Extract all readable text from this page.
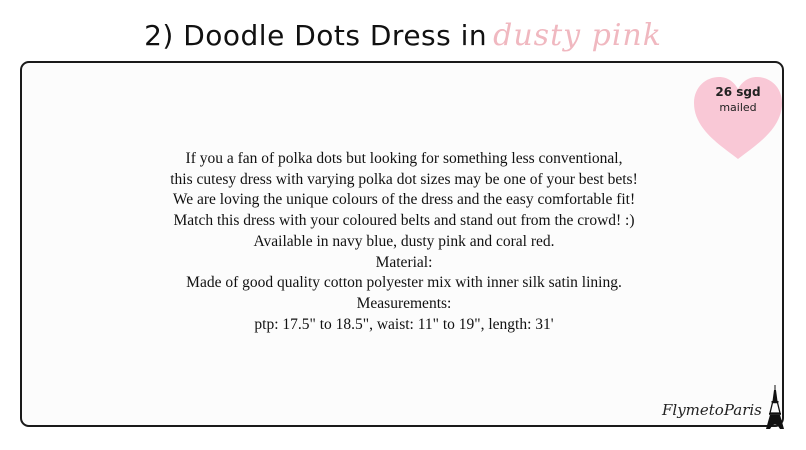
2) Doodle Dots Dress in dusty pink
26 sgd
mailed
If you a fan of polka dots but looking for something less conventional,
this cutesy dress with varying polka dot sizes may be one of your best bets!
We are loving the unique colours of the dress and the easy comfortable fit!
Match this dress with your coloured belts and stand out from the crowd! :)
Available in navy blue, dusty pink and coral red.
Material:
Made of good quality cotton polyester mix with inner silk satin lining.
Measurements:
ptp: 17.5" to 18.5", waist: 11" to 19", length: 31'
FlymetoParis
